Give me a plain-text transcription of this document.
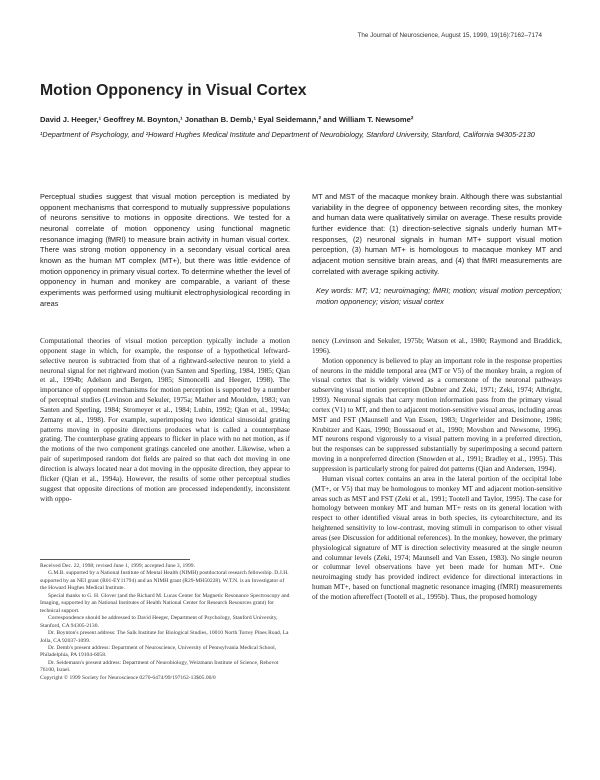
The Journal of Neuroscience, August 15, 1999, 19(16):7162–7174
Motion Opponency in Visual Cortex
David J. Heeger,¹ Geoffrey M. Boynton,¹ Jonathan B. Demb,¹ Eyal Seidemann,² and William T. Newsome²
¹Department of Psychology, and ²Howard Hughes Medical Institute and Department of Neurobiology, Stanford University, Stanford, California 94305-2130
Perceptual studies suggest that visual motion perception is mediated by opponent mechanisms that correspond to mutually suppressive populations of neurons sensitive to motions in opposite directions. We tested for a neuronal correlate of motion opponency using functional magnetic resonance imaging (fMRI) to measure brain activity in human visual cortex. There was strong motion opponency in a secondary visual cortical area known as the human MT complex (MT+), but there was little evidence of motion opponency in primary visual cortex. To determine whether the level of opponency in human and monkey are comparable, a variant of these experiments was performed using multiunit electrophysiological recording in areas

MT and MST of the macaque monkey brain. Although there was substantial variability in the degree of opponency between recording sites, the monkey and human data were qualitatively similar on average. These results provide further evidence that: (1) direction-selective signals underly human MT+ responses, (2) neuronal signals in human MT+ support visual motion perception, (3) human MT+ is homologous to macaque monkey MT and adjacent motion sensitive brain areas, and (4) that fMRI measurements are correlated with average spiking activity.

Key words: MT; V1; neuroimaging; fMRI; motion; visual motion perception; motion opponency; vision; visual cortex

Computational theories of visual motion perception typically include a motion opponent stage in which, for example, the response of a hypothetical leftward-selective neuron is subtracted from that of a rightward-selective neuron to yield a neuronal signal for net rightward motion (van Santen and Sperling, 1984, 1985; Qian et al., 1994b; Adelson and Bergen, 1985; Simoncelli and Heeger, 1998). The importance of opponent mechanisms for motion perception is supported by a number of perceptual studies (Levinson and Sekuler, 1975a; Mather and Moulden, 1983; van Santen and Sperling, 1984; Stromeyer et al., 1984; Lubin, 1992; Qian et al., 1994a; Zemany et al., 1998). For example, superimposing two identical sinusoidal grating patterns moving in opposite directions produces what is called a counterphase grating. The counterphase grating appears to flicker in place with no net motion, as if the motions of the two component gratings canceled one another. Likewise, when a pair of superimposed random dot fields are paired so that each dot moving in one direction is always located near a dot moving in the opposite direction, they appear to flicker (Qian et al., 1994a). However, the results of some other perceptual studies suggest that opposite directions of motion are processed independently, inconsistent with oppo-

Received Dec. 22, 1998; revised June 1, 1999; accepted June 3, 1999.

G.M.B. supported by a National Institute of Mental Health (NIMH) postdoctoral research fellowship. D.J.H. supported by an NEI grant (R01-EY11794) and an NIMH grant (R29-MH50228). W.T.N. is an Investigator of the Howard Hughes Medical Institute.

Special thanks to G. H. Glover (and the Richard M. Lucas Center for Magnetic Resonance Spectroscopy and Imaging, supported by an National Institutes of Health National Center for Research Resources grant) for technical support.

Correspondence should be addressed to David Heeger, Department of Psychology, Stanford University, Stanford, CA 94305-2130.

Dr. Boynton's present address: The Salk Institute for Biological Studies, 10010 North Torrey Pines Road, La Jolla, CA 92037-1099.

Dr. Demb's present address: Department of Neuroscience, University of Pennsylvania Medical School, Philadelphia, PA 19104-6058.

Dr. Seidemann's present address: Department of Neurobiology, Weizmann Institute of Science, Rehovot 76100, Israel.

Copyright © 1999 Society for Neuroscience 0270-6474/99/197162-13$05.00/0

nency (Levinson and Sekuler, 1975b; Watson et al., 1980; Raymond and Braddick, 1996).

Motion opponency is believed to play an important role in the response properties of neurons in the middle temporal area (MT or V5) of the monkey brain, a region of visual cortex that is widely viewed as a cornerstone of the neuronal pathways subserving visual motion perception (Dubner and Zeki, 1971; Zeki, 1974; Albright, 1993). Neuronal signals that carry motion information pass from the primary visual cortex (V1) to MT, and then to adjacent motion-sensitive visual areas, including areas MST and FST (Maunsell and Van Essen, 1983; Ungerleider and Desimone, 1986; Krubitzer and Kaas, 1990; Boussaoud et al., 1990; Movshon and Newsome, 1996). MT neurons respond vigorously to a visual pattern moving in a preferred direction, but the responses can be suppressed substantially by superimposing a second pattern moving in a nonpreferred direction (Snowden et al., 1991; Bradley et al., 1995). This suppression is particularly strong for paired dot patterns (Qian and Andersen, 1994).

Human visual cortex contains an area in the lateral portion of the occipital lobe (MT+, or V5) that may be homologous to monkey MT and adjacent motion-sensitive areas such as MST and FST (Zeki et al., 1991; Tootell and Taylor, 1995). The case for homology between monkey MT and human MT+ rests on its general location with respect to other identified visual areas in both species, its cytoarchitecture, and its heightened sensitivity to low-contrast, moving stimuli in comparison to other visual areas (see Discussion for additional references). In the monkey, however, the primary physiological signature of MT is direction selectivity measured at the single neuron and columnar levels (Zeki, 1974; Maunsell and Van Essen, 1983). No single neuron or columnar level observations have yet been made for human MT+. One neuroimaging study has provided indirect evidence for directional interactions in human MT+, based on functional magnetic resonance imaging (fMRI) measurements of the motion aftereffect (Tootell et al., 1995b). Thus, the proposed homology
